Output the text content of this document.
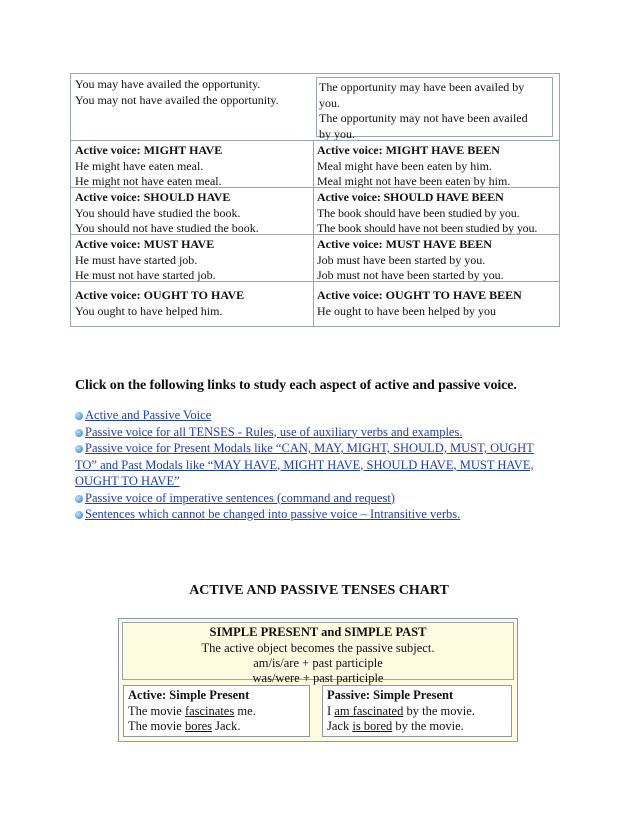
You may have availed the opportunity.
You may not have availed the opportunity.
The opportunity may have been availed by
you.
The opportunity may not have been availed
by you.
Active voice: MIGHT HAVE
He might have eaten meal.
He might not have eaten meal.
Active voice: MIGHT HAVE BEEN
Meal might have been eaten by him.
Meal might not have been eaten by him.
Active voice: SHOULD HAVE
You should have studied the book.
You should not have studied the book.
Active voice: SHOULD HAVE BEEN
The book should have been studied by you.
The book should have not been studied by you.
Active voice: MUST HAVE
He must have started job.
He must not have started job.
Active voice: MUST HAVE BEEN
Job must have been started by you.
Job must not have been started by you.
Active voice: OUGHT TO HAVE
You ought to have helped him.
Active voice: OUGHT TO HAVE BEEN
He ought to have been helped by you
Click on the following links to study each aspect of active and passive voice.
Active and Passive Voice
Passive voice for all TENSES - Rules, use of auxiliary verbs and examples.
Passive voice for Present Modals like “CAN, MAY, MIGHT, SHOULD, MUST, OUGHT TO” and Past Modals like “MAY HAVE, MIGHT HAVE, SHOULD HAVE, MUST HAVE, OUGHT TO HAVE”
Passive voice of imperative sentences (command and request)
Sentences which cannot be changed into passive voice – Intransitive verbs.
ACTIVE AND PASSIVE TENSES CHART
SIMPLE PRESENT and SIMPLE PAST
The active object becomes the passive subject.
am/is/are + past participle
was/were + past participle
Active: Simple Present
The movie fascinates me.
The movie bores Jack.
Passive: Simple Present
I am fascinated by the movie.
Jack is bored by the movie.
